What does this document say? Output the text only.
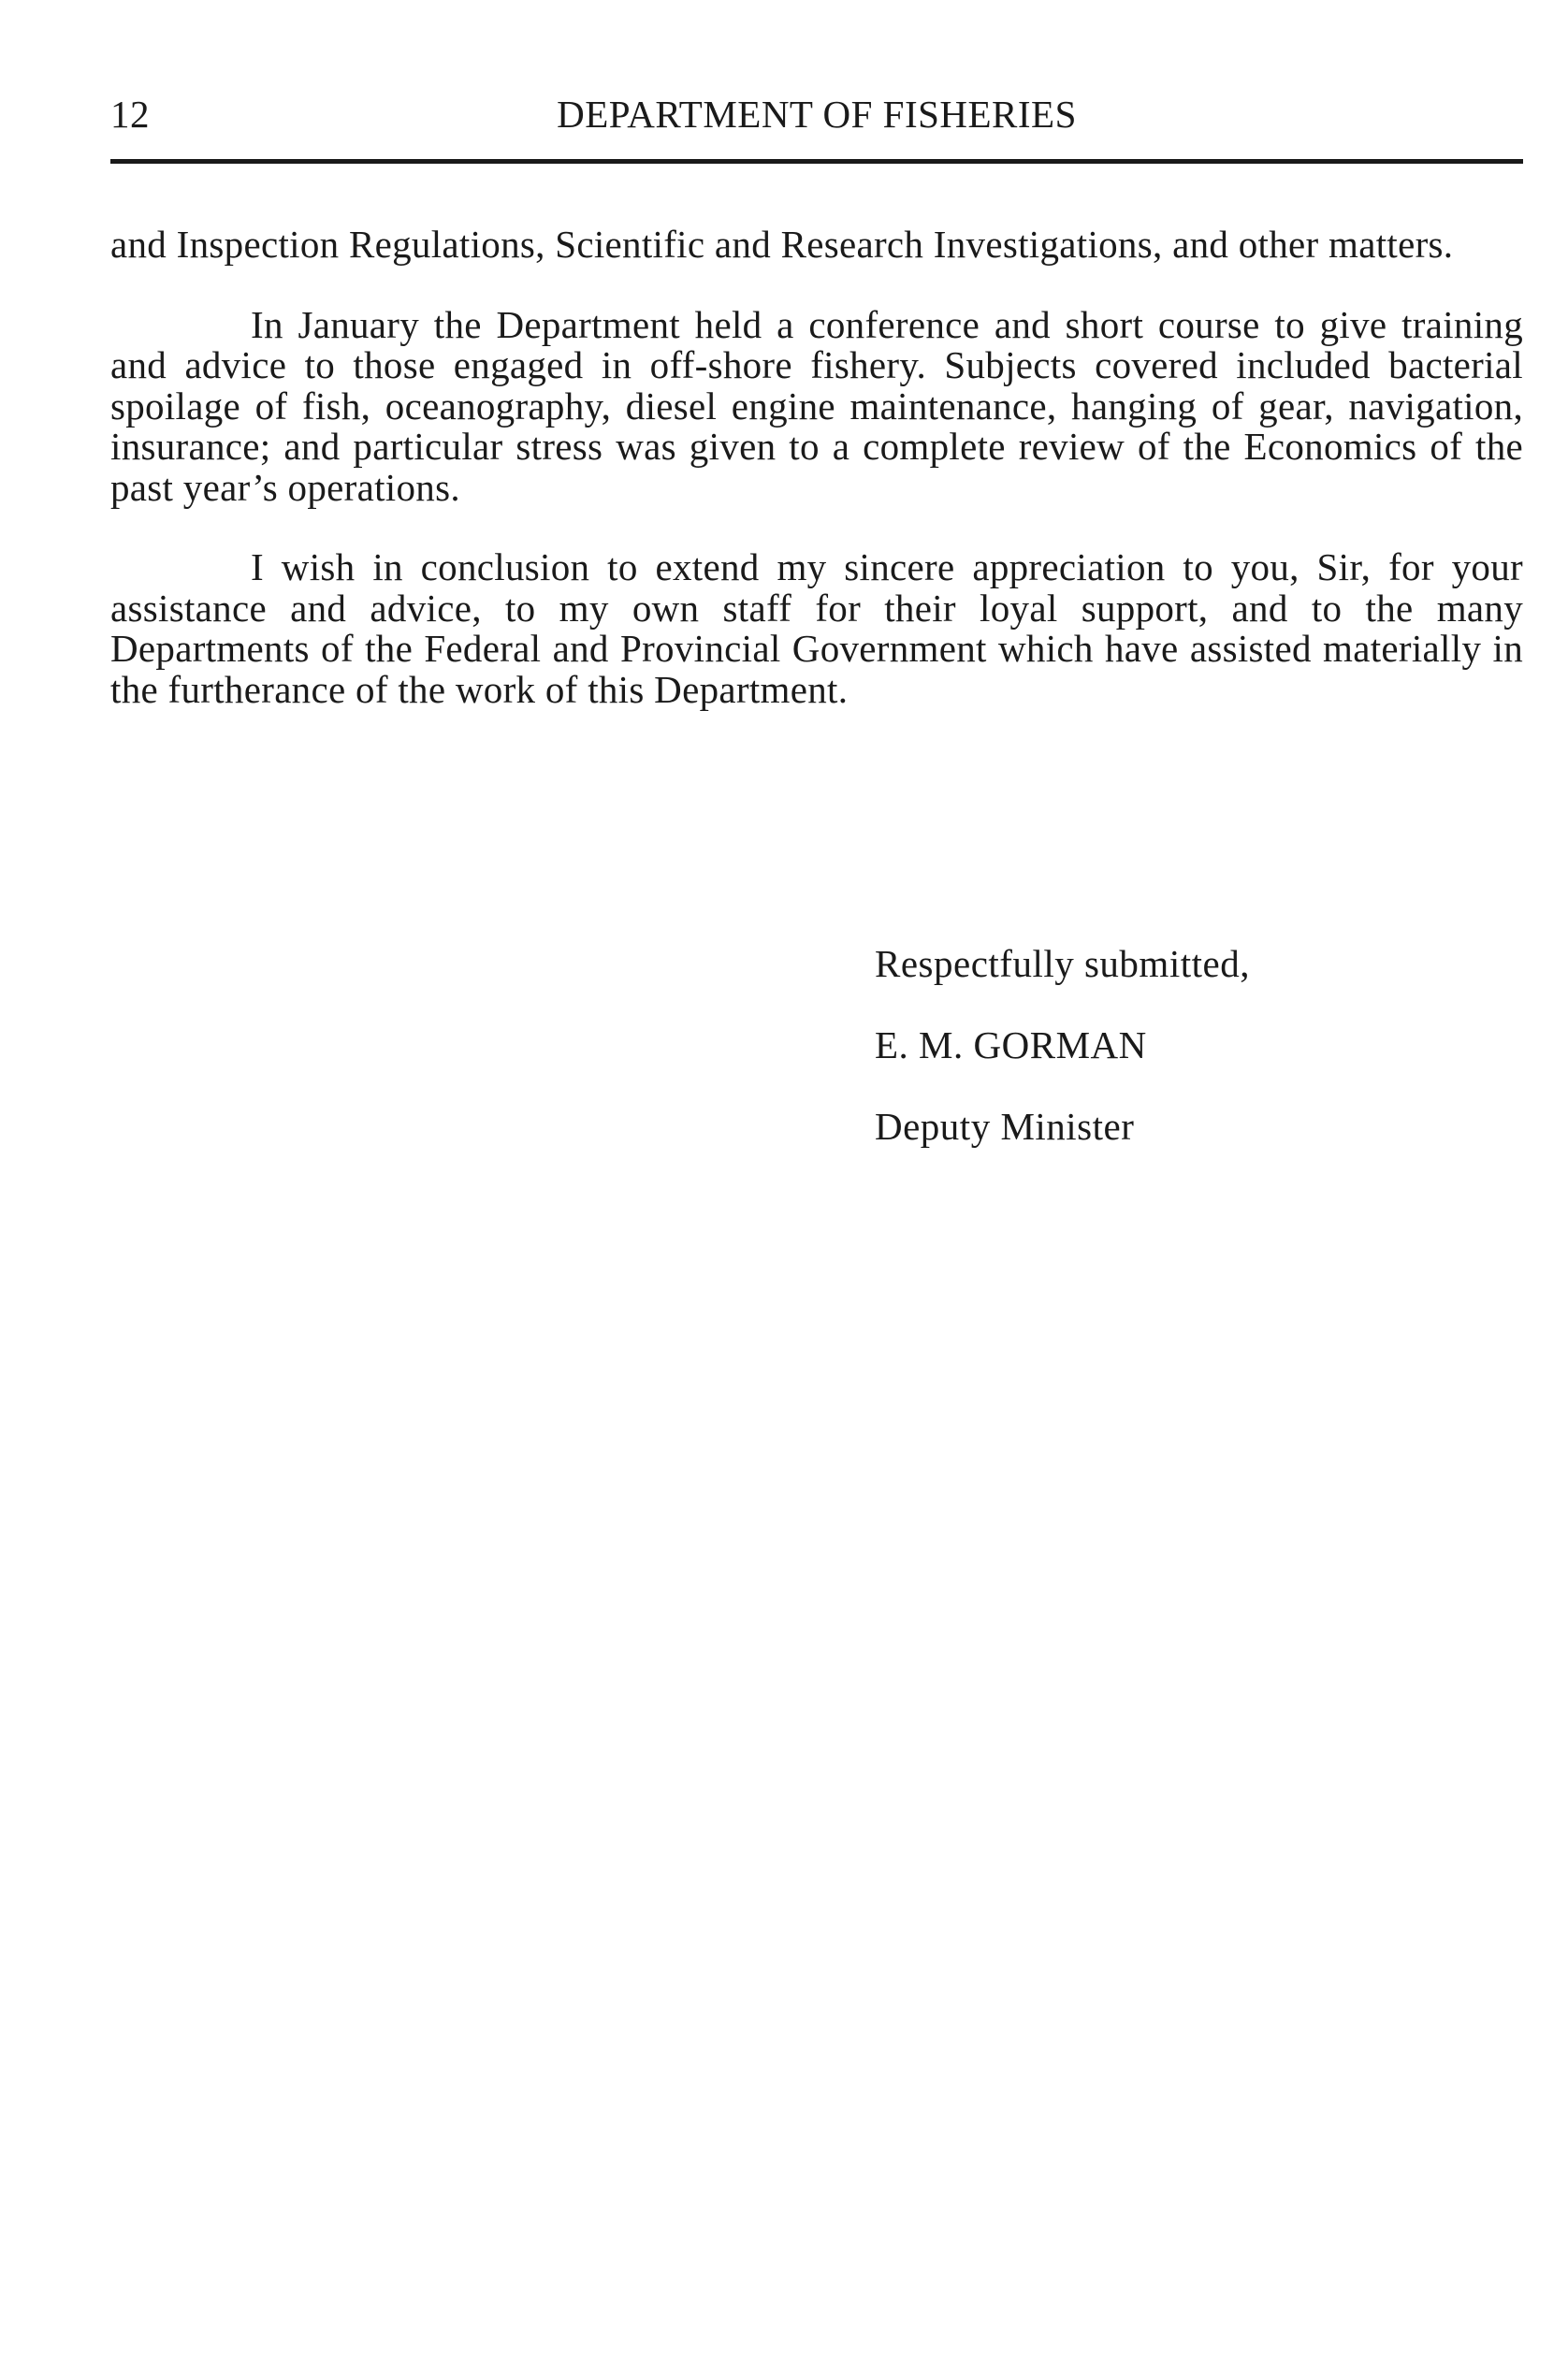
12	DEPARTMENT OF FISHERIES

and Inspection Regulations, Scientific and Research Investigations, and other matters.

In January the Department held a conference and short course to give training and advice to those engaged in off-shore fishery. Subjects covered included bacterial spoilage of fish, oceanography, diesel engine maintenance, hanging of gear, navigation, insurance; and particular stress was given to a complete review of the Economics of the past year’s operations.

I wish in conclusion to extend my sincere appreciation to you, Sir, for your assistance and advice, to my own staff for their loyal support, and to the many Departments of the Federal and Provincial Government which have assisted materially in the furtherance of the work of this Department.

Respectfully submitted,
E. M. GORMAN
Deputy Minister
